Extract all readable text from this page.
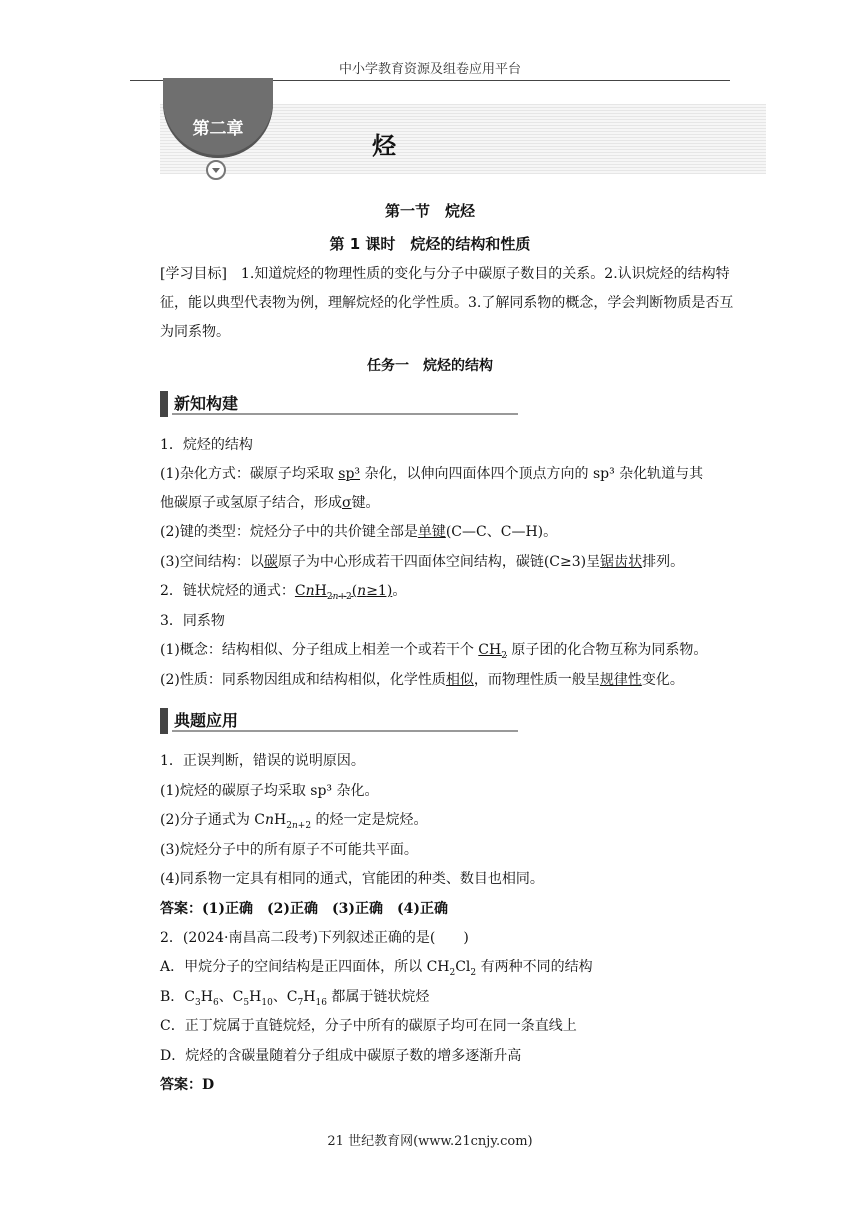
中小学教育资源及组卷应用平台
第二章
烃
第一节　烷烃
第 1 课时　烷烃的结构和性质
[学习目标]　1.知道烷烃的物理性质的变化与分子中碳原子数目的关系。2.认识烷烃的结构特征，能以典型代表物为例，理解烷烃的化学性质。3.了解同系物的概念，学会判断物质是否互为同系物。
任务一　烷烃的结构
新知构建
1．烷烃的结构
(1)杂化方式：碳原子均采取 sp³ 杂化，以伸向四面体四个顶点方向的 sp³ 杂化轨道与其
他碳原子或氢原子结合，形成σ键。
(2)键的类型：烷烃分子中的共价键全部是单键(C—C、C—H)。
(3)空间结构：以碳原子为中心形成若干四面体空间结构，碳链(C≥3)呈锯齿状排列。
2．链状烷烃的通式：CnH$_{2n+2}$(n≥1)。
3．同系物
(1)概念：结构相似、分子组成上相差一个或若干个 $CH_2$ 原子团的化合物互称为同系物。
(2)性质：同系物因组成和结构相似，化学性质相似，而物理性质一般呈规律性变化。
典题应用
1．正误判断，错误的说明原因。
(1)烷烃的碳原子均采取 sp³ 杂化。
(2)分子通式为 CnH$_{2n+2}$ 的烃一定是烷烃。
(3)烷烃分子中的所有原子不可能共平面。
(4)同系物一定具有相同的通式，官能团的种类、数目也相同。
答案：(1)正确　(2)正确　(3)正确　(4)正确
2．(2024·南昌高二段考)下列叙述正确的是(　　)
A．甲烷分子的空间结构是正四面体，所以 $CH_2Cl_2$ 有两种不同的结构
B．$C_3H_6$、$C_5H_{10}$、$C_7H_{16}$ 都属于链状烷烃
C．正丁烷属于直链烷烃，分子中所有的碳原子均可在同一条直线上
D．烷烃的含碳量随着分子组成中碳原子数的增多逐渐升高
答案：D
21 世纪教育网(www.21cnjy.com)
